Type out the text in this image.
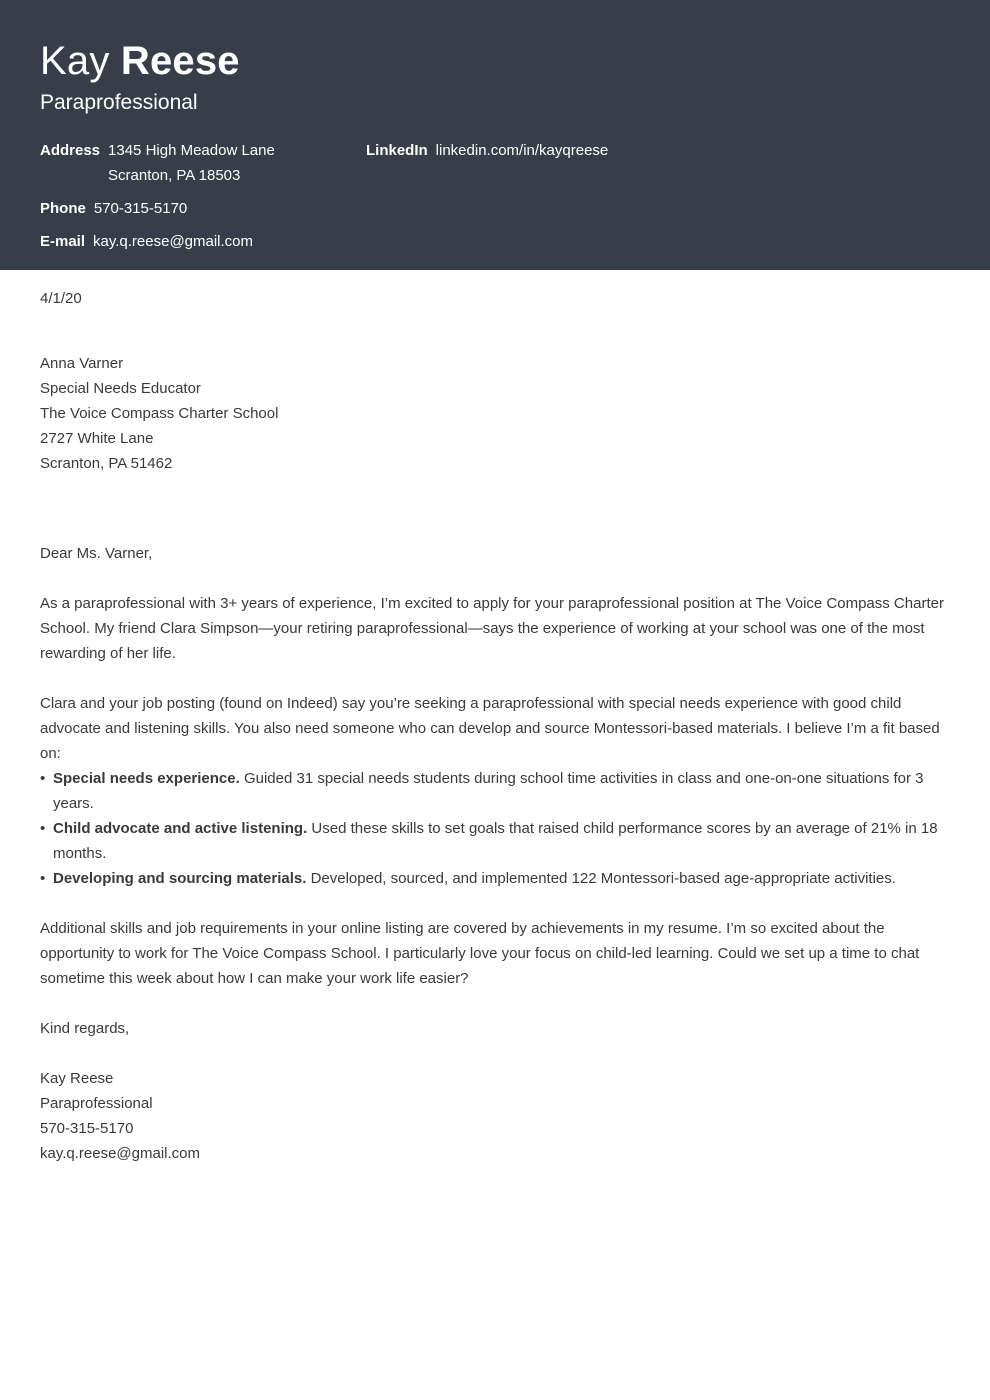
Kay Reese
Paraprofessional
Address 1345 High Meadow Lane
Scranton, PA 18503
LinkedIn linkedin.com/in/kayqreese
Phone 570-315-5170
E-mail kay.q.reese@gmail.com
4/1/20
Anna Varner
Special Needs Educator
The Voice Compass Charter School
2727 White Lane
Scranton, PA 51462
Dear Ms. Varner,

As a paraprofessional with 3+ years of experience, I’m excited to apply for your paraprofessional position at The Voice Compass Charter School. My friend Clara Simpson—your retiring paraprofessional—says the experience of working at your school was one of the most rewarding of her life.

Clara and your job posting (found on Indeed) say you’re seeking a paraprofessional with special needs experience with good child advocate and listening skills. You also need someone who can develop and source Montessori-based materials. I believe I’m a fit based on:

• Special needs experience. Guided 31 special needs students during school time activities in class and one-on-one situations for 3 years.
• Child advocate and active listening. Used these skills to set goals that raised child performance scores by an average of 21% in 18 months.
• Developing and sourcing materials. Developed, sourced, and implemented 122 Montessori-based age-appropriate activities.

Additional skills and job requirements in your online listing are covered by achievements in my resume. I’m so excited about the opportunity to work for The Voice Compass School. I particularly love your focus on child-led learning. Could we set up a time to chat sometime this week about how I can make your work life easier?

Kind regards,
Kay Reese
Paraprofessional
570-315-5170
kay.q.reese@gmail.com
